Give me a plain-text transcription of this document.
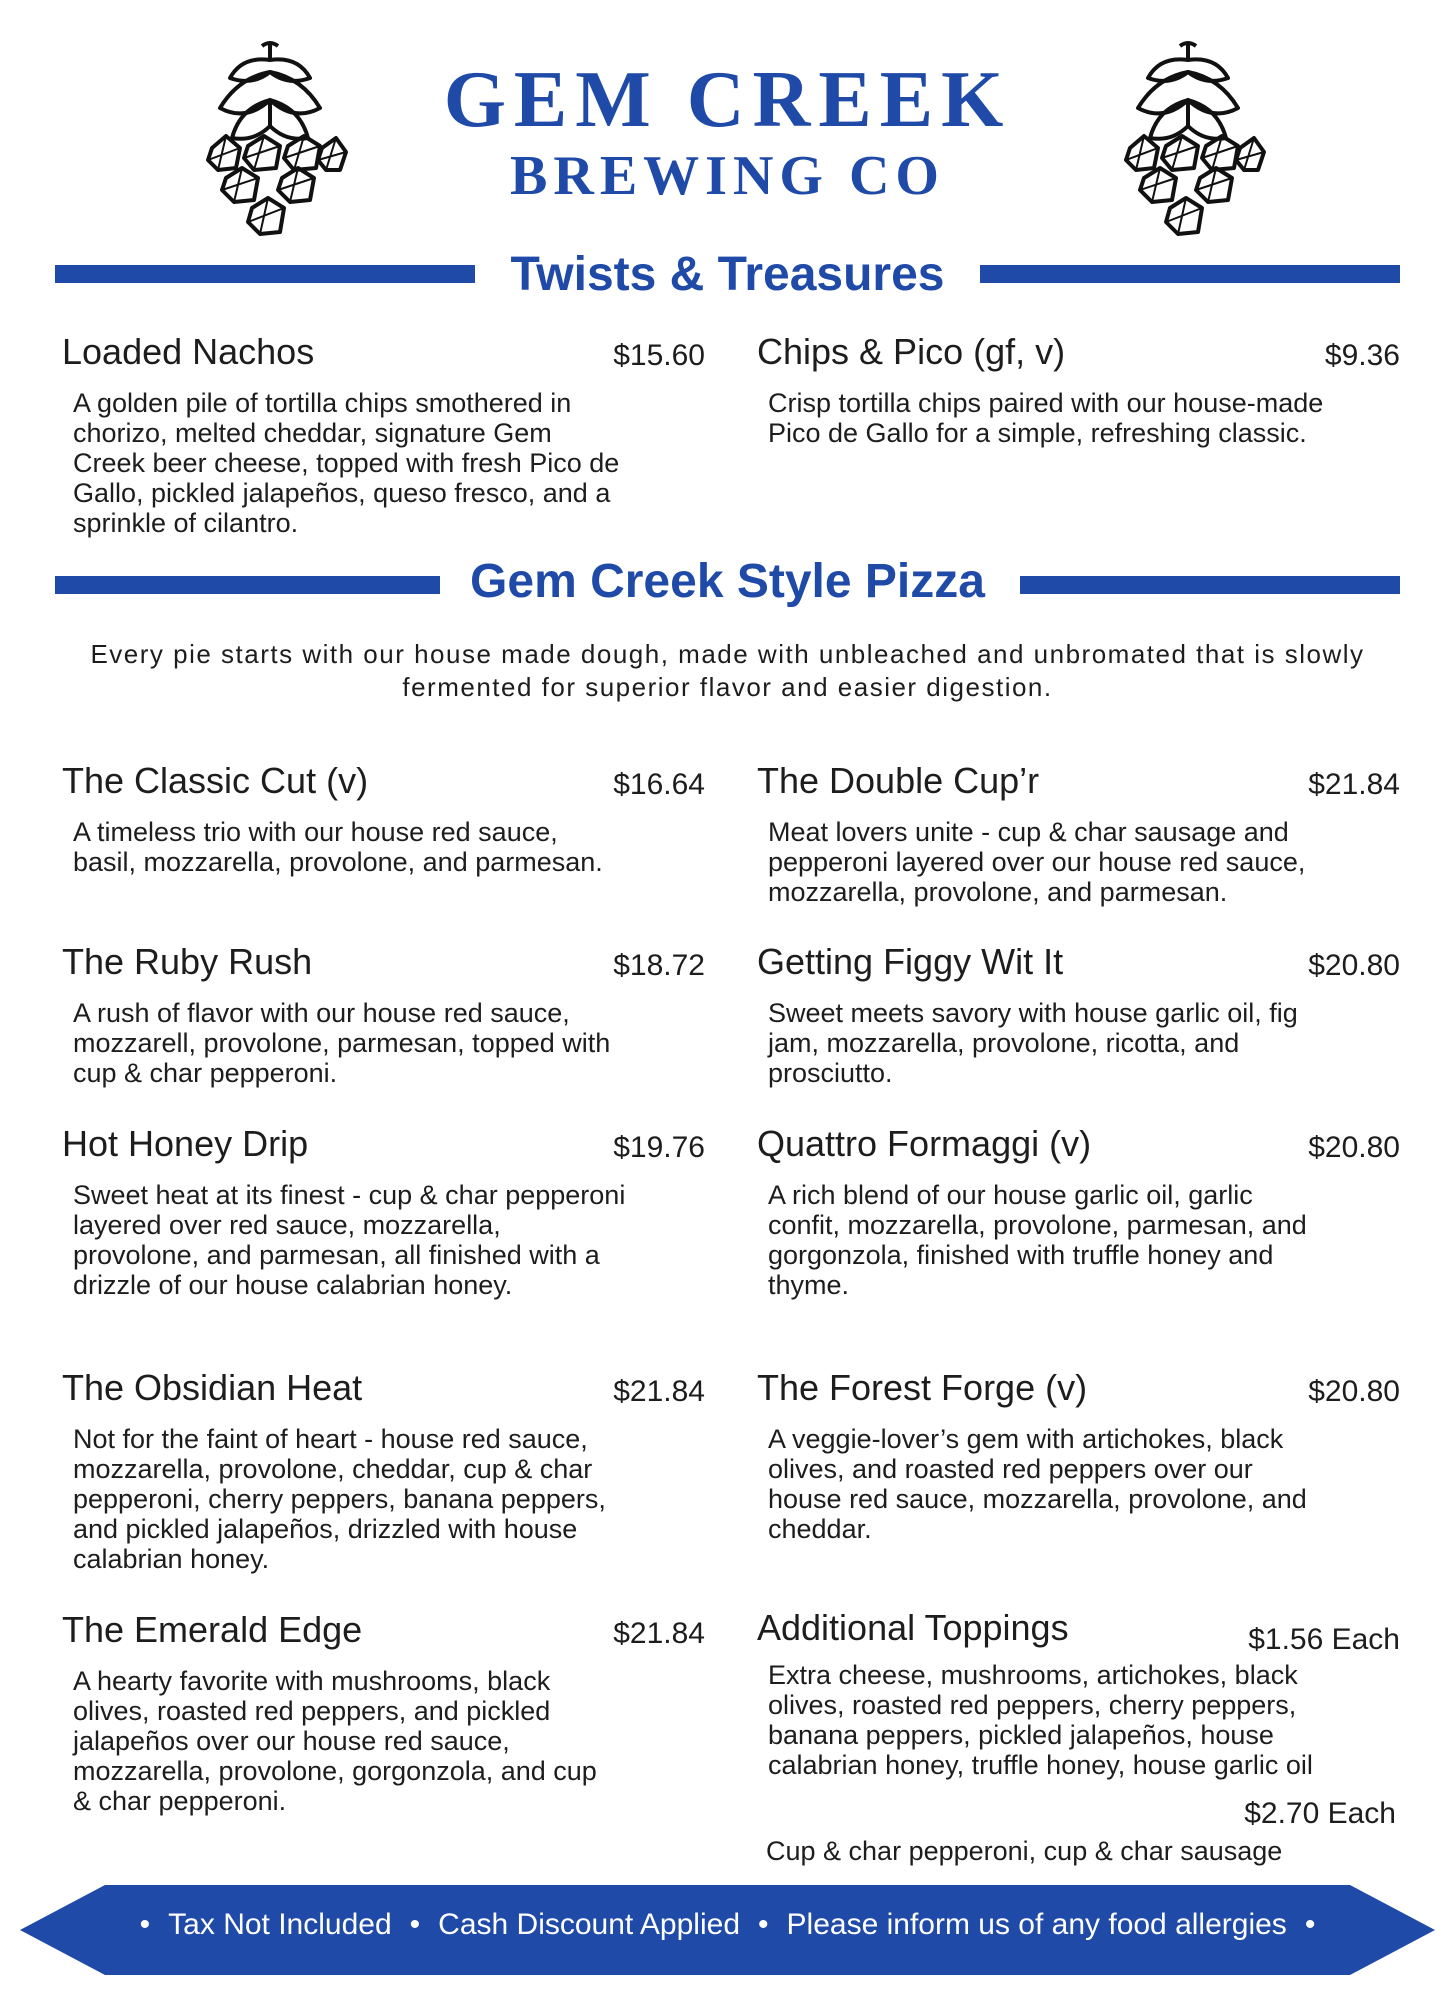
GEM CREEK
BREWING CO
Twists & Treasures
Loaded Nachos	$15.60
A golden pile of tortilla chips smothered in chorizo, melted cheddar, signature Gem Creek beer cheese, topped with fresh Pico de Gallo, pickled jalapeños, queso fresco, and a sprinkle of cilantro.
Chips & Pico (gf, v)	$9.36
Crisp tortilla chips paired with our house-made Pico de Gallo for a simple, refreshing classic.
Gem Creek Style Pizza
Every pie starts with our house made dough, made with unbleached and unbromated that is slowly fermented for superior flavor and easier digestion.
The Classic Cut (v)	$16.64
A timeless trio with our house red sauce, basil, mozzarella, provolone, and parmesan.
The Double Cup’r	$21.84
Meat lovers unite - cup & char sausage and pepperoni layered over our house red sauce, mozzarella, provolone, and parmesan.
The Ruby Rush	$18.72
A rush of flavor with our house red sauce, mozzarell, provolone, parmesan, topped with cup & char pepperoni.
Getting Figgy Wit It	$20.80
Sweet meets savory with house garlic oil, fig jam, mozzarella, provolone, ricotta, and prosciutto.
Hot Honey Drip	$19.76
Sweet heat at its finest - cup & char pepperoni layered over red sauce, mozzarella, provolone, and parmesan, all finished with a drizzle of our house calabrian honey.
Quattro Formaggi (v)	$20.80
A rich blend of our house garlic oil, garlic confit, mozzarella, provolone, parmesan, and gorgonzola, finished with truffle honey and thyme.
The Obsidian Heat	$21.84
Not for the faint of heart - house red sauce, mozzarella, provolone, cheddar, cup & char pepperoni, cherry peppers, banana peppers, and pickled jalapeños, drizzled with house calabrian honey.
The Forest Forge (v)	$20.80
A veggie-lover’s gem with artichokes, black olives, and roasted red peppers over our house red sauce, mozzarella, provolone, and cheddar.
The Emerald Edge	$21.84
A hearty favorite with mushrooms, black olives, roasted red peppers, and pickled jalapeños over our house red sauce, mozzarella, provolone, gorgonzola, and cup & char pepperoni.
Additional Toppings	$1.56 Each
Extra cheese, mushrooms, artichokes, black olives, roasted red peppers, cherry peppers, banana peppers, pickled jalapeños, house calabrian honey, truffle honey, house garlic oil
$2.70 Each
Cup & char pepperoni, cup & char sausage
• Tax Not Included • Cash Discount Applied • Please inform us of any food allergies •
